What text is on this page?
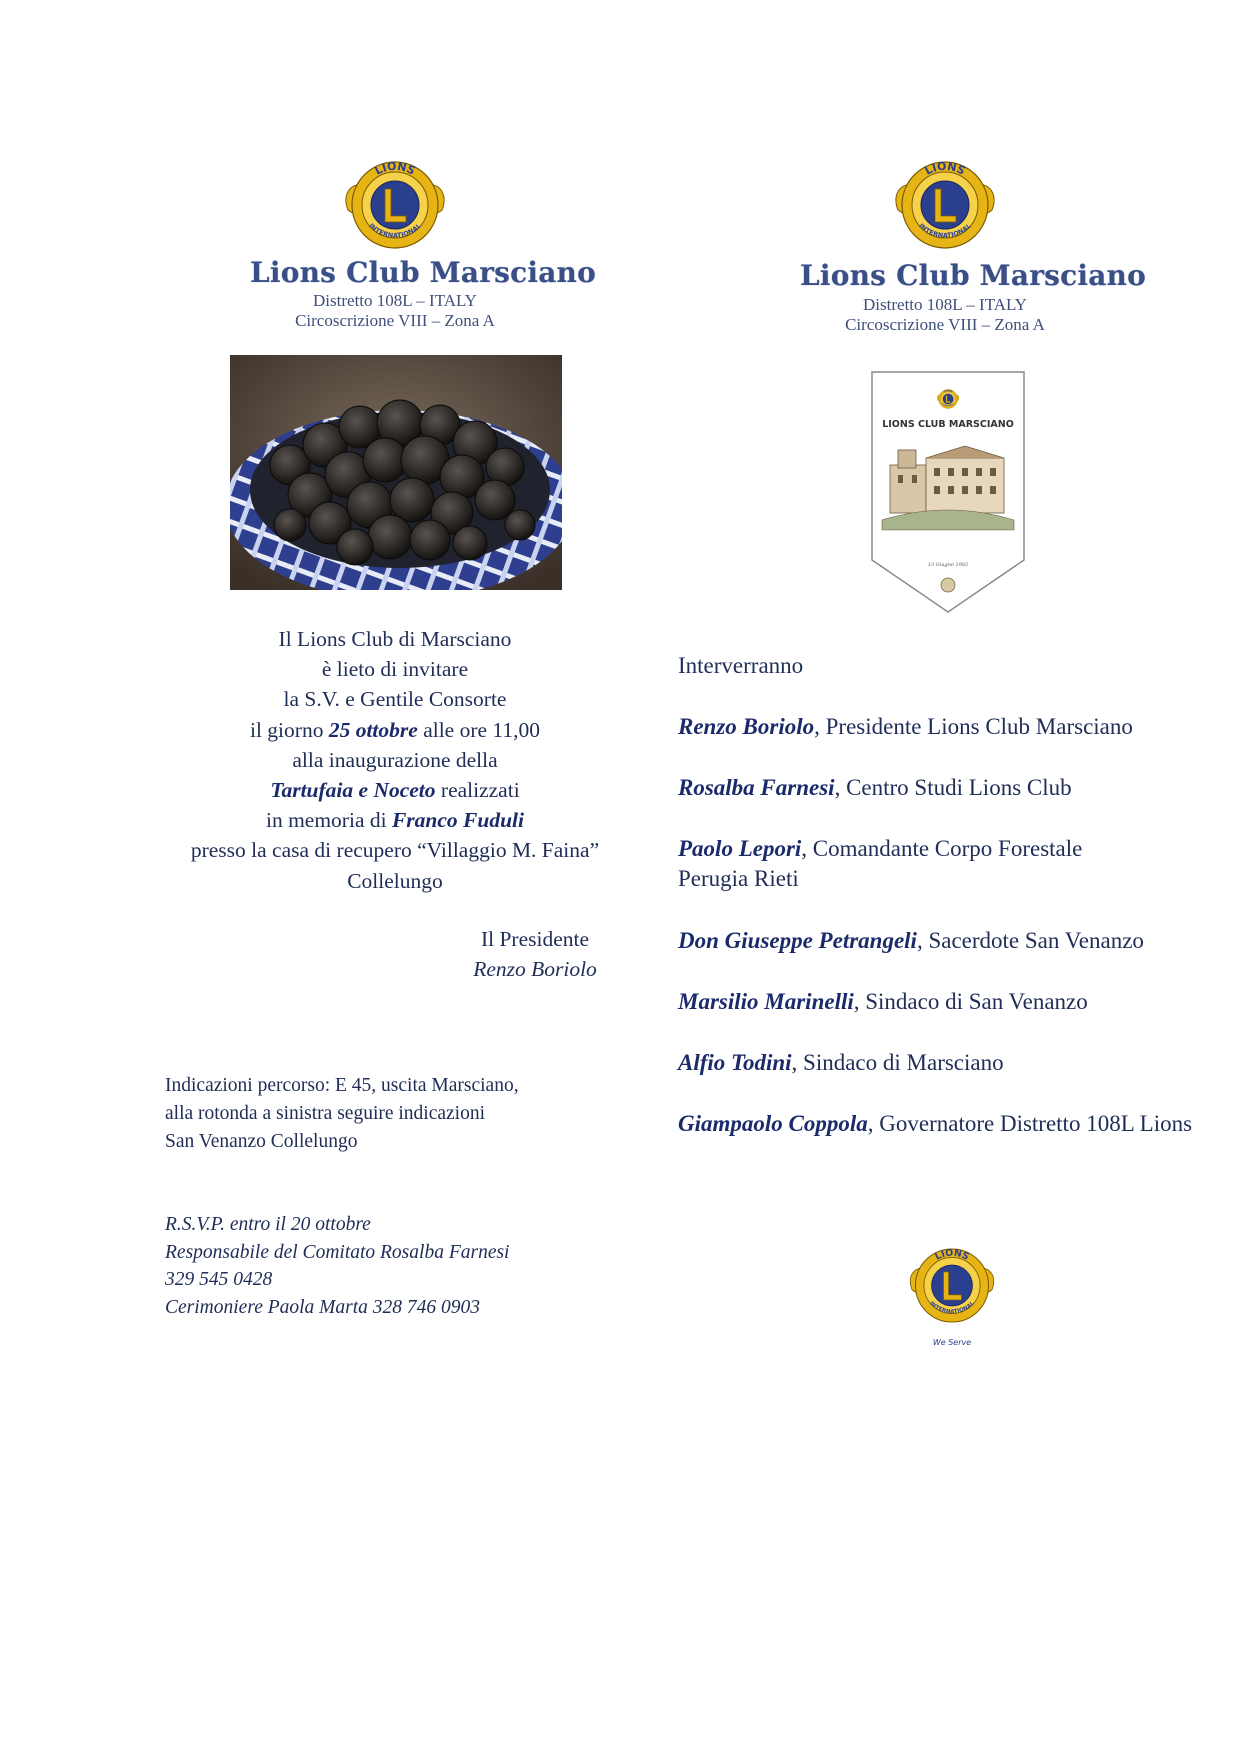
Lions Club Marsciano
Distretto 108L – ITALY
Circoscrizione VIII – Zona A
Lions Club Marsciano
Distretto 108L – ITALY
Circoscrizione VIII – Zona A
LIONS CLUB MARSCIANO
13 Giugno 1982
Il Lions Club di Marsciano
è lieto di invitare
la S.V. e Gentile Consorte
il giorno 25 ottobre alle ore 11,00
alla inaugurazione della
Tartufaia e Noceto realizzati
in memoria di Franco Fuduli
presso la casa di recupero “Villaggio M. Faina”
Collelungo
Il Presidente
Renzo Boriolo
Indicazioni percorso: E 45, uscita Marsciano,
alla rotonda a sinistra seguire indicazioni
San Venanzo Collelungo
R.S.V.P. entro il 20 ottobre
Responsabile del Comitato Rosalba Farnesi
329 545 0428
Cerimoniere Paola Marta 328 746 0903
Interverranno
Renzo Boriolo, Presidente Lions Club Marsciano
Rosalba Farnesi, Centro Studi Lions Club
Paolo Lepori, Comandante Corpo Forestale Perugia Rieti
Don Giuseppe Petrangeli, Sacerdote San Venanzo
Marsilio Marinelli, Sindaco di San Venanzo
Alfio Todini, Sindaco di Marsciano
Giampaolo Coppola, Governatore Distretto 108L Lions
We Serve
